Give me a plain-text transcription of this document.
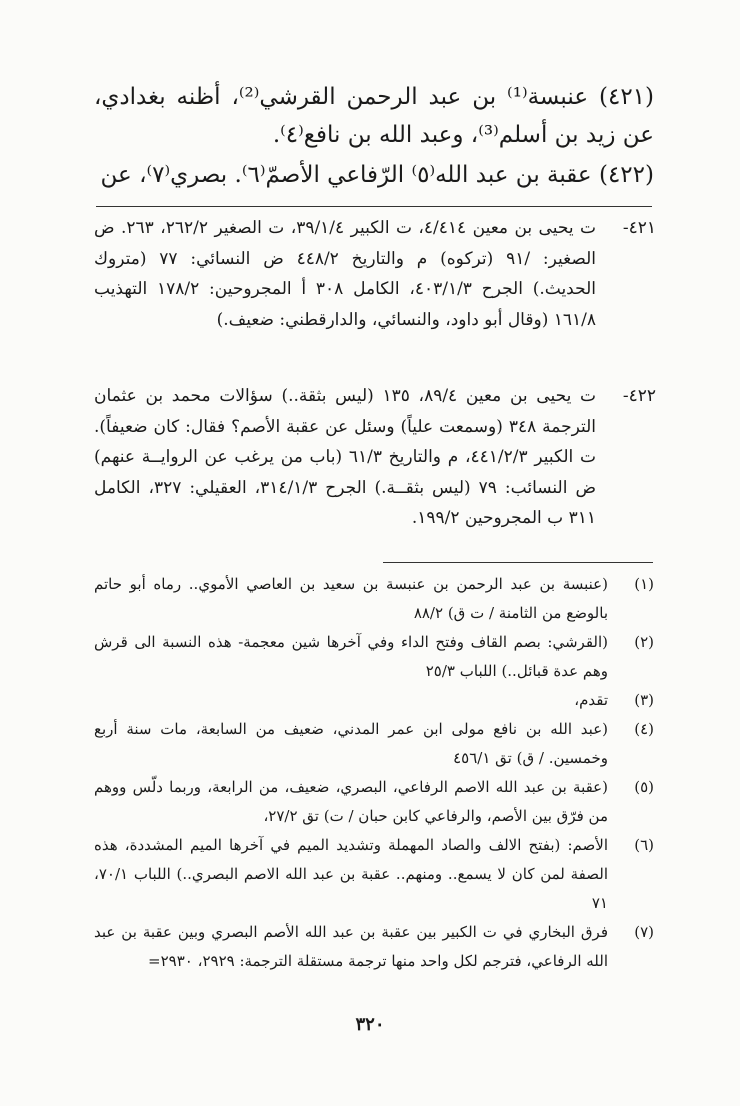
(٤٢١) عنبسة⁽¹⁾ بن عبد الرحمن القرشي⁽²⁾، أظنه بغدادي، عن زيد بن أسلم⁽³⁾، وعبد الله بن نافع⁽٤⁾.
(٤٢٢) عقبة بن عبد الله⁽٥⁾ الرّفاعي الأصمّ⁽٦⁾. بصري⁽٧⁾، عن
٤٢١-
ت يحيى بن معين ٤/٤١٤، ت الكبير ٣٩/١/٤، ت الصغير ٢٦٢/٢، ٢٦٣. ض الصغير: /٩١ (تركوه) م والتاريخ ٤٤٨/٢ ض النسائي: ٧٧ (متروك الحديث.) الجرح ٤٠٣/١/٣، الكامل ٣٠٨ أ المجروحين: ١٧٨/٢ التهذيب ١٦١/٨ (وقال أبو داود، والنسائي، والدارقطني: ضعيف.)
٤٢٢-
ت يحيى بن معين ٨٩/٤، ١٣٥ (ليس بثقة..) سؤالات محمد بن عثمان الترجمة ٣٤٨ (وسمعت علياً) وسئل عن عقبة الأصم؟ فقال: كان ضعيفاً). ت الكبير ٤٤١/٢/٣، م والتاريخ ٦١/٣ (باب من يرغب عن الروايــة عنهم) ض النسائب: ٧٩ (ليس بثقــة.) الجرح ٣١٤/١/٣، العقيلي: ٣٢٧، الكامل ٣١١ ب المجروحين ١٩٩/٢.
(١)
(عنبسة بن عبد الرحمن بن عنبسة بن سعيد بن العاصي الأموي.. رماه أبو حاتم بالوضع من الثامنة / ت ق) ٨٨/٢
(٢)
(القرشي: بصم القاف وفتح الداء وفي آخرها شين معجمة- هذه النسبة الى قرش وهم عدة قبائل..) اللباب ٢٥/٣
(٣)
تقدم،
(٤)
(عبد الله بن نافع مولى ابن عمر المدني، ضعيف من السابعة، مات سنة أربع وخمسين. / ق) تق ٤٥٦/١
(٥)
(عقبة بن عبد الله الاصم الرفاعي، البصري، ضعيف، من الرابعة، وربما دلّس ووهم من فرّق بين الأصم، والرفاعي كابن حبان / ت) تق ٢٧/٢،
(٦)
الأصم: (بفتح الالف والصاد المهملة وتشديد الميم في آخرها الميم المشددة، هذه الصفة لمن كان لا يسمع.. ومنهم.. عقبة بن عبد الله الاصم البصري..) اللباب ٧٠/١، ٧١
(٧)
فرق البخاري في ت الكبير بين عقبة بن عبد الله الأصم البصري وبين عقبة بن عبد الله الرفاعي، فترجم لكل واحد منها ترجمة مستقلة الترجمة: ٢٩٢٩، ٢٩٣٠=
٣٢٠
